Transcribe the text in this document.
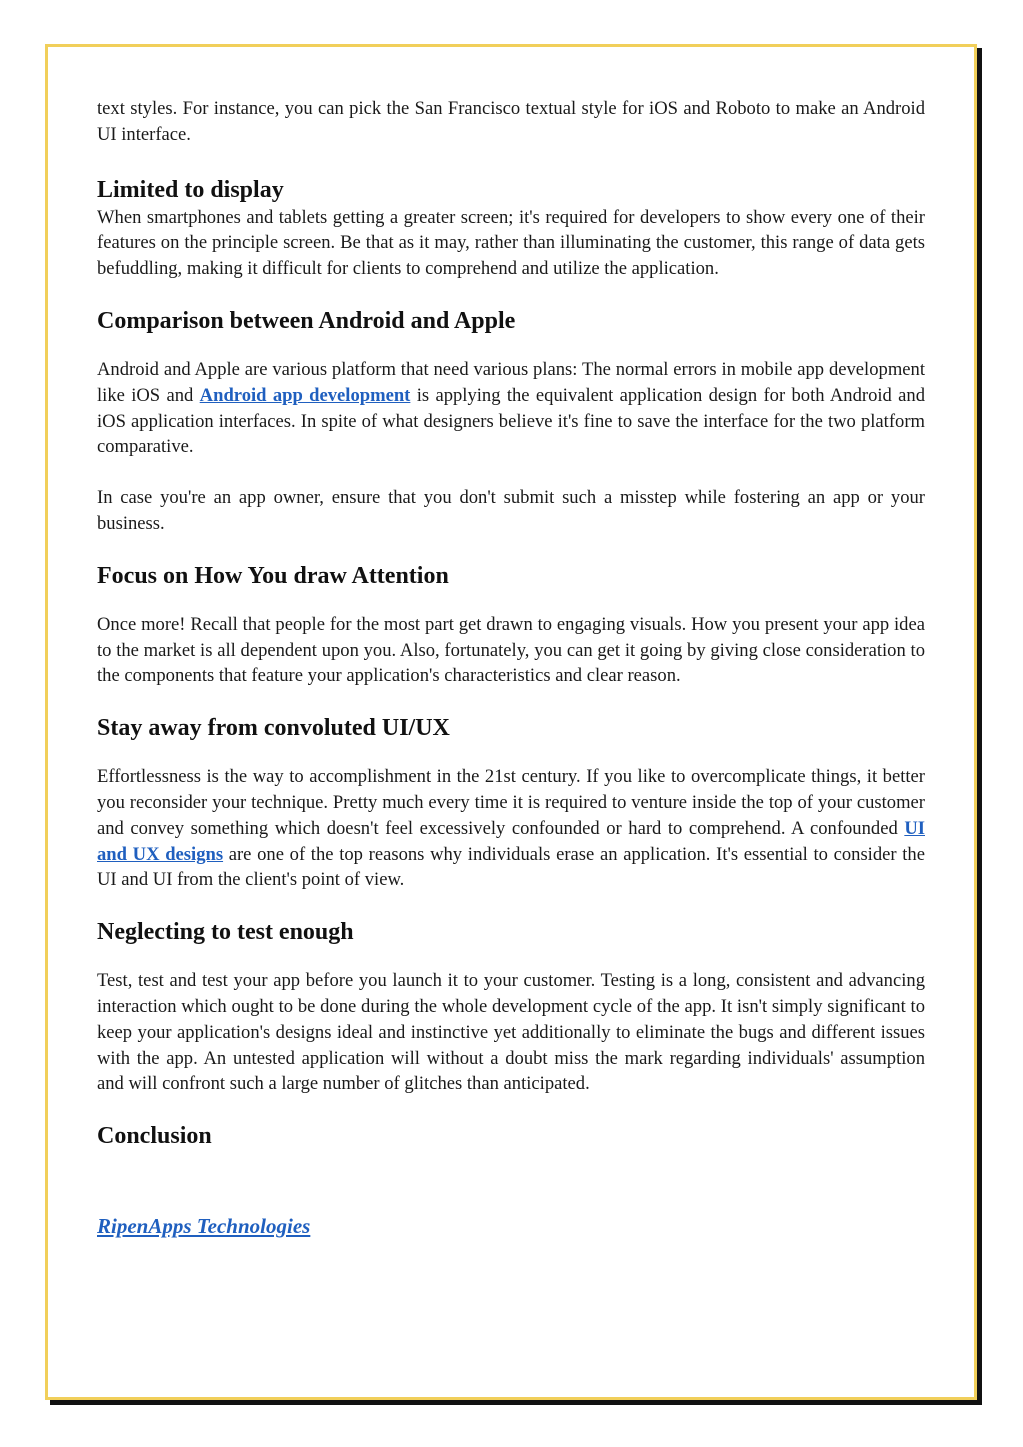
text styles. For instance, you can pick the San Francisco textual style for iOS and Roboto to make an Android UI interface.

Limited to display

When smartphones and tablets getting a greater screen; it's required for developers to show every one of their features on the principle screen. Be that as it may, rather than illuminating the customer, this range of data gets befuddling, making it difficult for clients to comprehend and utilize the application.

Comparison between Android and Apple

Android and Apple are various platform that need various plans: The normal errors in mobile app development like iOS and Android app development is applying the equivalent application design for both Android and iOS application interfaces. In spite of what designers believe it's fine to save the interface for the two platform comparative.

In case you're an app owner, ensure that you don't submit such a misstep while fostering an app or your business.

Focus on How You draw Attention

Once more! Recall that people for the most part get drawn to engaging visuals. How you present your app idea to the market is all dependent upon you. Also, fortunately, you can get it going by giving close consideration to the components that feature your application's characteristics and clear reason.

Stay away from convoluted UI/UX

Effortlessness is the way to accomplishment in the 21st century. If you like to overcomplicate things, it better you reconsider your technique. Pretty much every time it is required to venture inside the top of your customer and convey something which doesn't feel excessively confounded or hard to comprehend. A confounded UI and UX designs are one of the top reasons why individuals erase an application. It's essential to consider the UI and UI from the client's point of view.

Neglecting to test enough

Test, test and test your app before you launch it to your customer. Testing is a long, consistent and advancing interaction which ought to be done during the whole development cycle of the app. It isn't simply significant to keep your application's designs ideal and instinctive yet additionally to eliminate the bugs and different issues with the app. An untested application will without a doubt miss the mark regarding individuals' assumption and will confront such a large number of glitches than anticipated.

Conclusion
RipenApps Technologies
